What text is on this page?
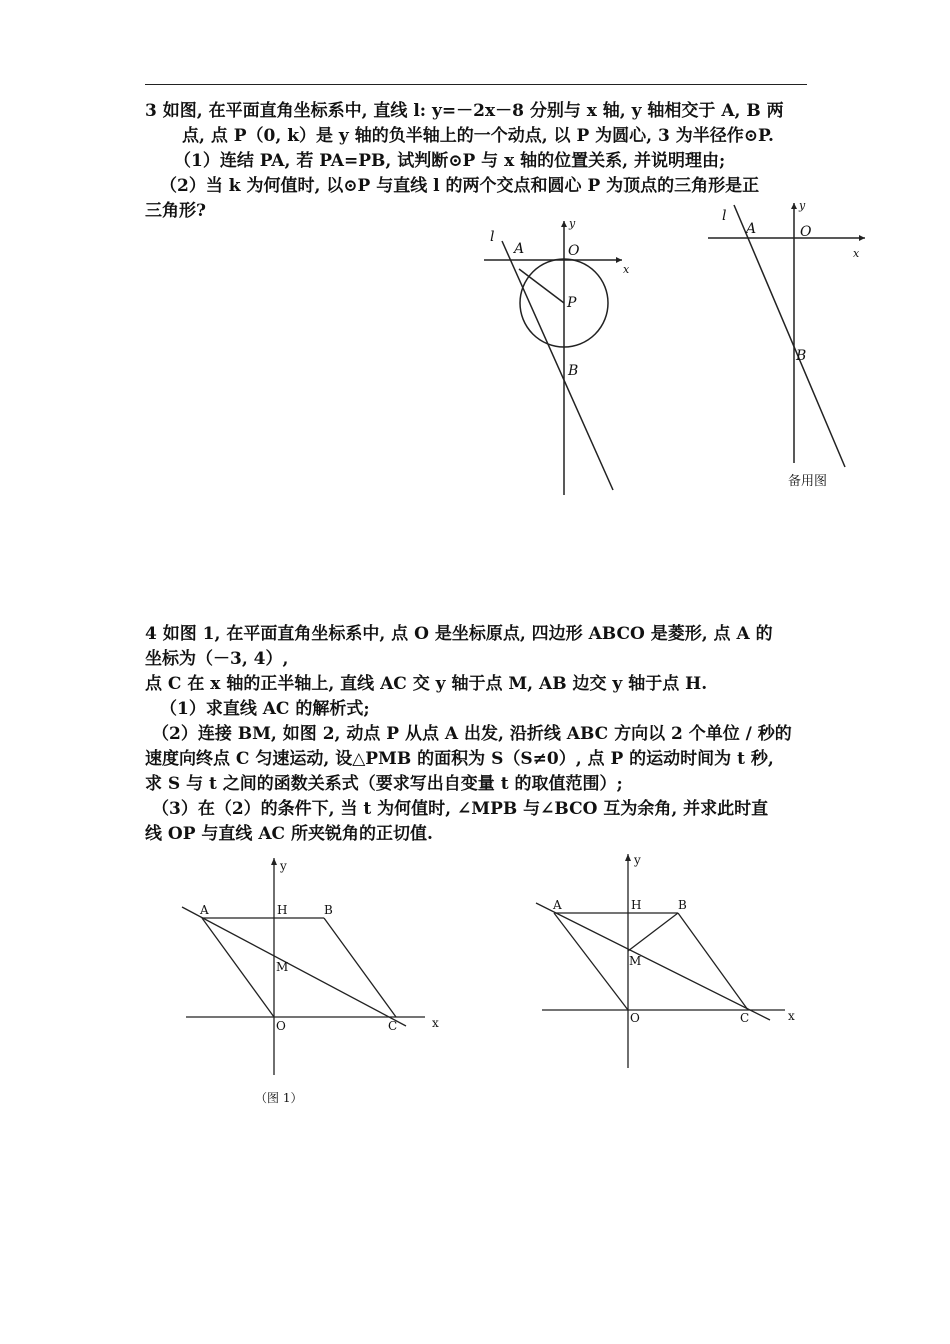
3 如图, 在平面直角坐标系中, 直线 l: y=－2x－8 分别与 x 轴, y 轴相交于 A, B 两
点, 点 P（0, k）是 y 轴的负半轴上的一个动点, 以 P 为圆心, 3 为半径作⊙P.
（1）连结 PA, 若 PA=PB, 试判断⊙P 与 x 轴的位置关系, 并说明理由;
（2）当 k 为何值时, 以⊙P 与直线 l 的两个交点和圆心 P 为顶点的三角形是正
三角形?
l
A	O
x
y
P
B
l
A	O
x
y
B
备用图
4 如图 1, 在平面直角坐标系中, 点 O 是坐标原点, 四边形 ABCO 是菱形, 点 A 的
坐标为（－3, 4）,
点 C 在 x 轴的正半轴上, 直线 AC 交 y 轴于点 M, AB 边交 y 轴于点 H.
（1）求直线 AC 的解析式;
（2）连接 BM, 如图 2, 动点 P 从点 A 出发, 沿折线 ABC 方向以 2 个单位 / 秒的
速度向终点 C 匀速运动, 设△PMB 的面积为 S（S≠0）, 点 P 的运动时间为 t 秒,
求 S 与 t 之间的函数关系式（要求写出自变量 t 的取值范围）;
（3）在（2）的条件下, 当 t 为何值时, ∠MPB 与∠BCO 互为余角, 并求此时直
线 OP 与直线 AC 所夹锐角的正切值.
y
A	H	B
M
O	C	x
（图 1）
y
A	H	B
M
O	C	x
